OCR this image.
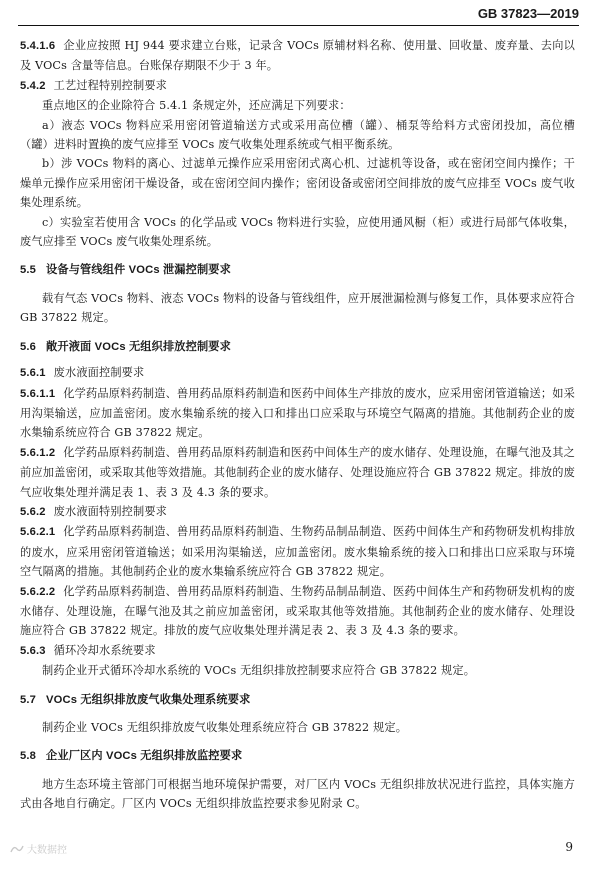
GB 37823—2019

5.4.1.6 企业应按照 HJ 944 要求建立台账，记录含 VOCs 原辅材料名称、使用量、回收量、废弃量、去向以及 VOCs 含量等信息。台账保存期限不少于 3 年。

5.4.2 工艺过程特别控制要求

重点地区的企业除符合 5.4.1 条规定外，还应满足下列要求：

a）液态 VOCs 物料应采用密闭管道输送方式或采用高位槽（罐）、桶泵等给料方式密闭投加，高位槽（罐）进料时置换的废气应排至 VOCs 废气收集处理系统或气相平衡系统。

b）涉 VOCs 物料的离心、过滤单元操作应采用密闭式离心机、过滤机等设备，或在密闭空间内操作；干燥单元操作应采用密闭干燥设备，或在密闭空间内操作；密闭设备或密闭空间排放的废气应排至 VOCs 废气收集处理系统。

c）实验室若使用含 VOCs 的化学品或 VOCs 物料进行实验，应使用通风橱（柜）或进行局部气体收集，废气应排至 VOCs 废气收集处理系统。

5.5 设备与管线组件 VOCs 泄漏控制要求

载有气态 VOCs 物料、液态 VOCs 物料的设备与管线组件，应开展泄漏检测与修复工作，具体要求应符合 GB 37822 规定。

5.6 敞开液面 VOCs 无组织排放控制要求

5.6.1 废水液面控制要求

5.6.1.1 化学药品原料药制造、兽用药品原料药制造和医药中间体生产排放的废水，应采用密闭管道输送；如采用沟渠输送，应加盖密闭。废水集输系统的接入口和排出口应采取与环境空气隔离的措施。其他制药企业的废水集输系统应符合 GB 37822 规定。

5.6.1.2 化学药品原料药制造、兽用药品原料药制造和医药中间体生产的废水储存、处理设施，在曝气池及其之前应加盖密闭，或采取其他等效措施。其他制药企业的废水储存、处理设施应符合 GB 37822 规定。排放的废气应收集处理并满足表 1、表 3 及 4.3 条的要求。

5.6.2 废水液面特别控制要求

5.6.2.1 化学药品原料药制造、兽用药品原料药制造、生物药品制品制造、医药中间体生产和药物研发机构排放的废水，应采用密闭管道输送；如采用沟渠输送，应加盖密闭。废水集输系统的接入口和排出口应采取与环境空气隔离的措施。其他制药企业的废水集输系统应符合 GB 37822 规定。

5.6.2.2 化学药品原料药制造、兽用药品原料药制造、生物药品制品制造、医药中间体生产和药物研发机构的废水储存、处理设施，在曝气池及其之前应加盖密闭，或采取其他等效措施。其他制药企业的废水储存、处理设施应符合 GB 37822 规定。排放的废气应收集处理并满足表 2、表 3 及 4.3 条的要求。

5.6.3 循环冷却水系统要求

制药企业开式循环冷却水系统的 VOCs 无组织排放控制要求应符合 GB 37822 规定。

5.7 VOCs 无组织排放废气收集处理系统要求

制药企业 VOCs 无组织排放废气收集处理系统应符合 GB 37822 规定。

5.8 企业厂区内 VOCs 无组织排放监控要求

地方生态环境主管部门可根据当地环境保护需要，对厂区内 VOCs 无组织排放状况进行监控，具体实施方式由各地自行确定。厂区内 VOCs 无组织排放监控要求参见附录 C。

大数据控	9
